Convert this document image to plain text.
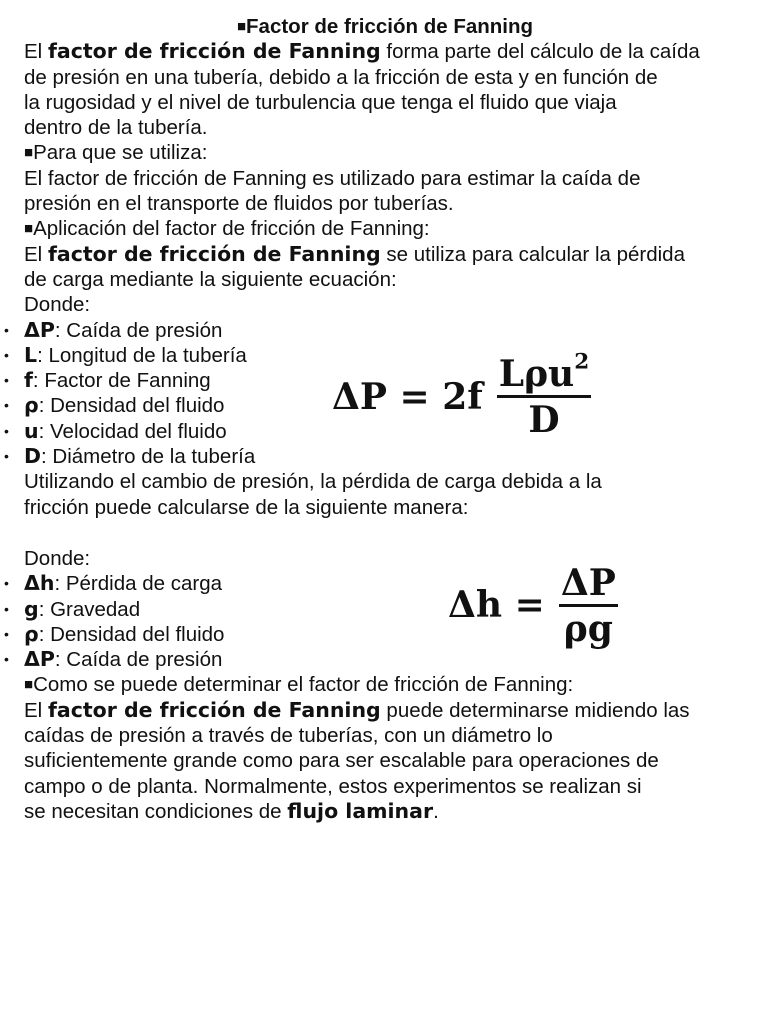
■Factor de fricción de Fanning
El factor de fricción de Fanning forma parte del cálculo de la caída
de presión en una tubería, debido a la fricción de esta y en función de
la rugosidad y el nivel de turbulencia que tenga el fluido que viaja
dentro de la tubería.
■Para que se utiliza:
El factor de fricción de Fanning es utilizado para estimar la caída de
presión en el transporte de fluidos por tuberías.
■Aplicación del factor de fricción de Fanning:
El factor de fricción de Fanning se utiliza para calcular la pérdida
de carga mediante la siguiente ecuación:
Donde:
• ΔP: Caída de presión
• L: Longitud de la tubería
• f: Factor de Fanning
• ρ: Densidad del fluido
• u: Velocidad del fluido
• D: Diámetro de la tubería
Utilizando el cambio de presión, la pérdida de carga debida a la
fricción puede calcularse de la siguiente manera:
Donde:
• Δh: Pérdida de carga
• g: Gravedad
• ρ: Densidad del fluido
• ΔP: Caída de presión
■Como se puede determinar el factor de fricción de Fanning:
El factor de fricción de Fanning puede determinarse midiendo las
caídas de presión a través de tuberías, con un diámetro lo
suficientemente grande como para ser escalable para operaciones de
campo o de planta. Normalmente, estos experimentos se realizan si
se necesitan condiciones de flujo laminar.
$\Delta P = 2f \frac{L\rho u^2}{D}$
$\Delta h = \frac{\Delta P}{\rho g}$
